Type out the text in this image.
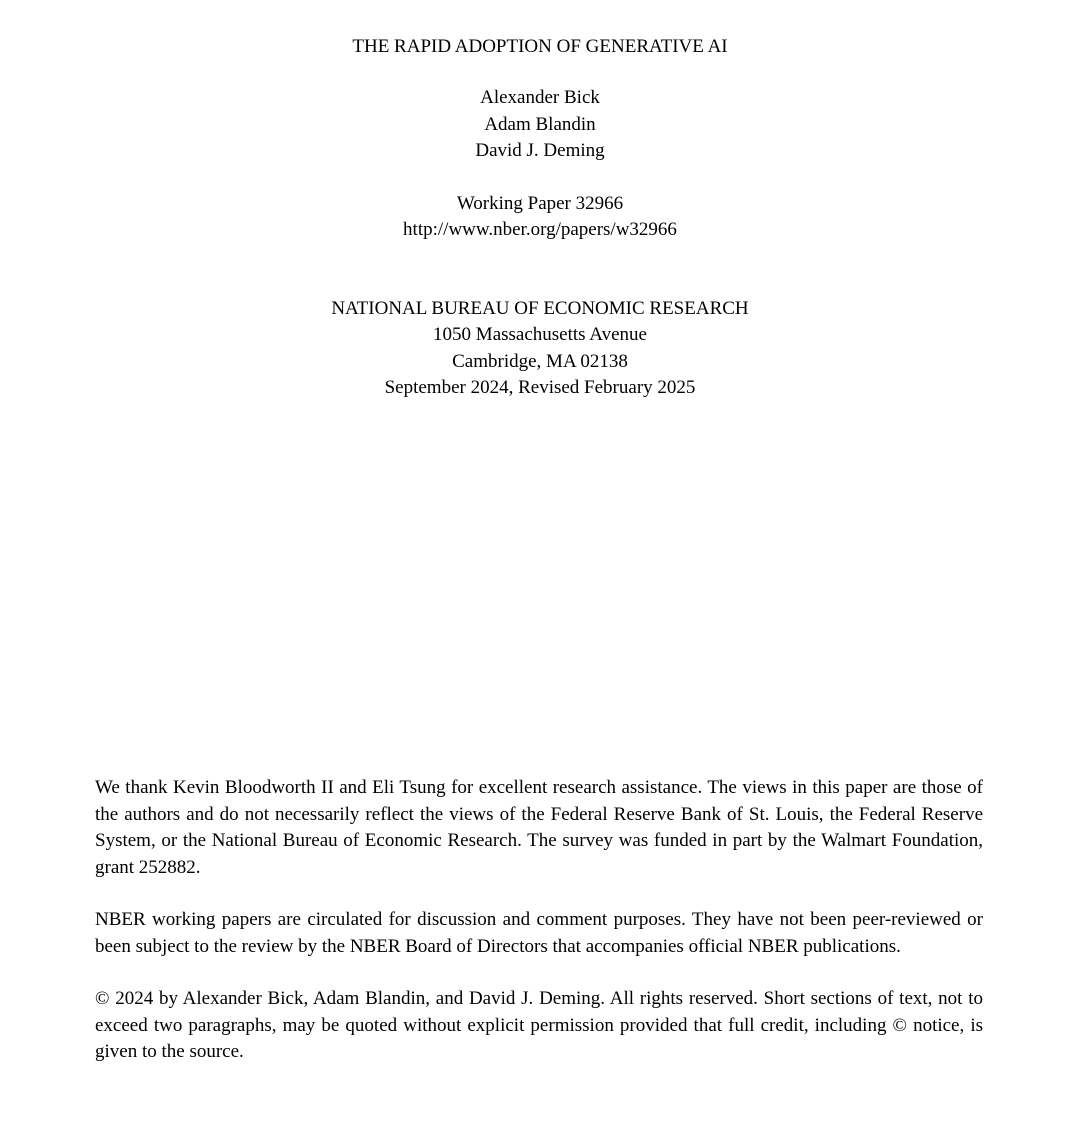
THE RAPID ADOPTION OF GENERATIVE AI
Alexander Bick
Adam Blandin
David J. Deming
Working Paper 32966
http://www.nber.org/papers/w32966
NATIONAL BUREAU OF ECONOMIC RESEARCH
1050 Massachusetts Avenue
Cambridge, MA 02138
September 2024, Revised February 2025

We thank Kevin Bloodworth II and Eli Tsung for excellent research assistance. The views in this paper are those of the authors and do not necessarily reflect the views of the Federal Reserve Bank of St. Louis, the Federal Reserve System, or the National Bureau of Economic Research. The survey was funded in part by the Walmart Foundation, grant 252882.

NBER working papers are circulated for discussion and comment purposes. They have not been peer-reviewed or been subject to the review by the NBER Board of Directors that accompanies official NBER publications.

© 2024 by Alexander Bick, Adam Blandin, and David J. Deming. All rights reserved. Short sections of text, not to exceed two paragraphs, may be quoted without explicit permission provided that full credit, including © notice, is given to the source.
